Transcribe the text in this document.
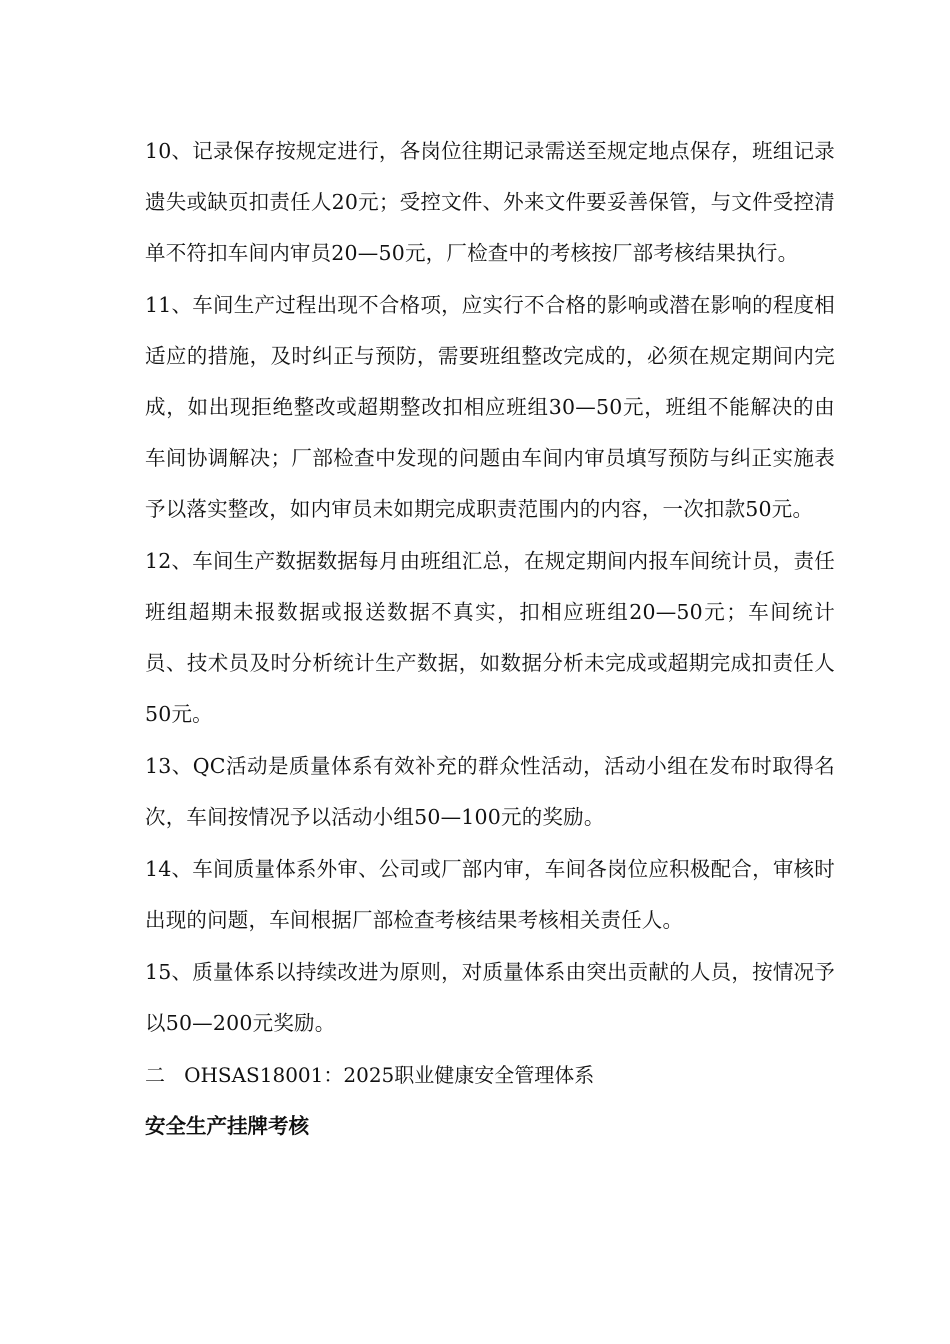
10、记录保存按规定进行，各岗位往期记录需送至规定地点保存，班组记录遗失或缺页扣责任人20元；受控文件、外来文件要妥善保管，与文件受控清单不符扣车间内审员20—50元，厂检查中的考核按厂部考核结果执行。

11、车间生产过程出现不合格项，应实行不合格的影响或潜在影响的程度相适应的措施，及时纠正与预防，需要班组整改完成的，必须在规定期间内完成，如出现拒绝整改或超期整改扣相应班组30—50元，班组不能解决的由车间协调解决；厂部检查中发现的问题由车间内审员填写预防与纠正实施表予以落实整改，如内审员未如期完成职责范围内的内容，一次扣款50元。

12、车间生产数据数据每月由班组汇总，在规定期间内报车间统计员，责任班组超期未报数据或报送数据不真实，扣相应班组20—50元；车间统计员、技术员及时分析统计生产数据，如数据分析未完成或超期完成扣责任人50元。

13、QC活动是质量体系有效补充的群众性活动，活动小组在发布时取得名次，车间按情况予以活动小组50—100元的奖励。

14、车间质量体系外审、公司或厂部内审，车间各岗位应积极配合，审核时出现的问题，车间根据厂部检查考核结果考核相关责任人。

15、质量体系以持续改进为原则，对质量体系由突出贡献的人员，按情况予以50—200元奖励。

二   OHSAS18001：2025职业健康安全管理体系

安全生产挂牌考核
